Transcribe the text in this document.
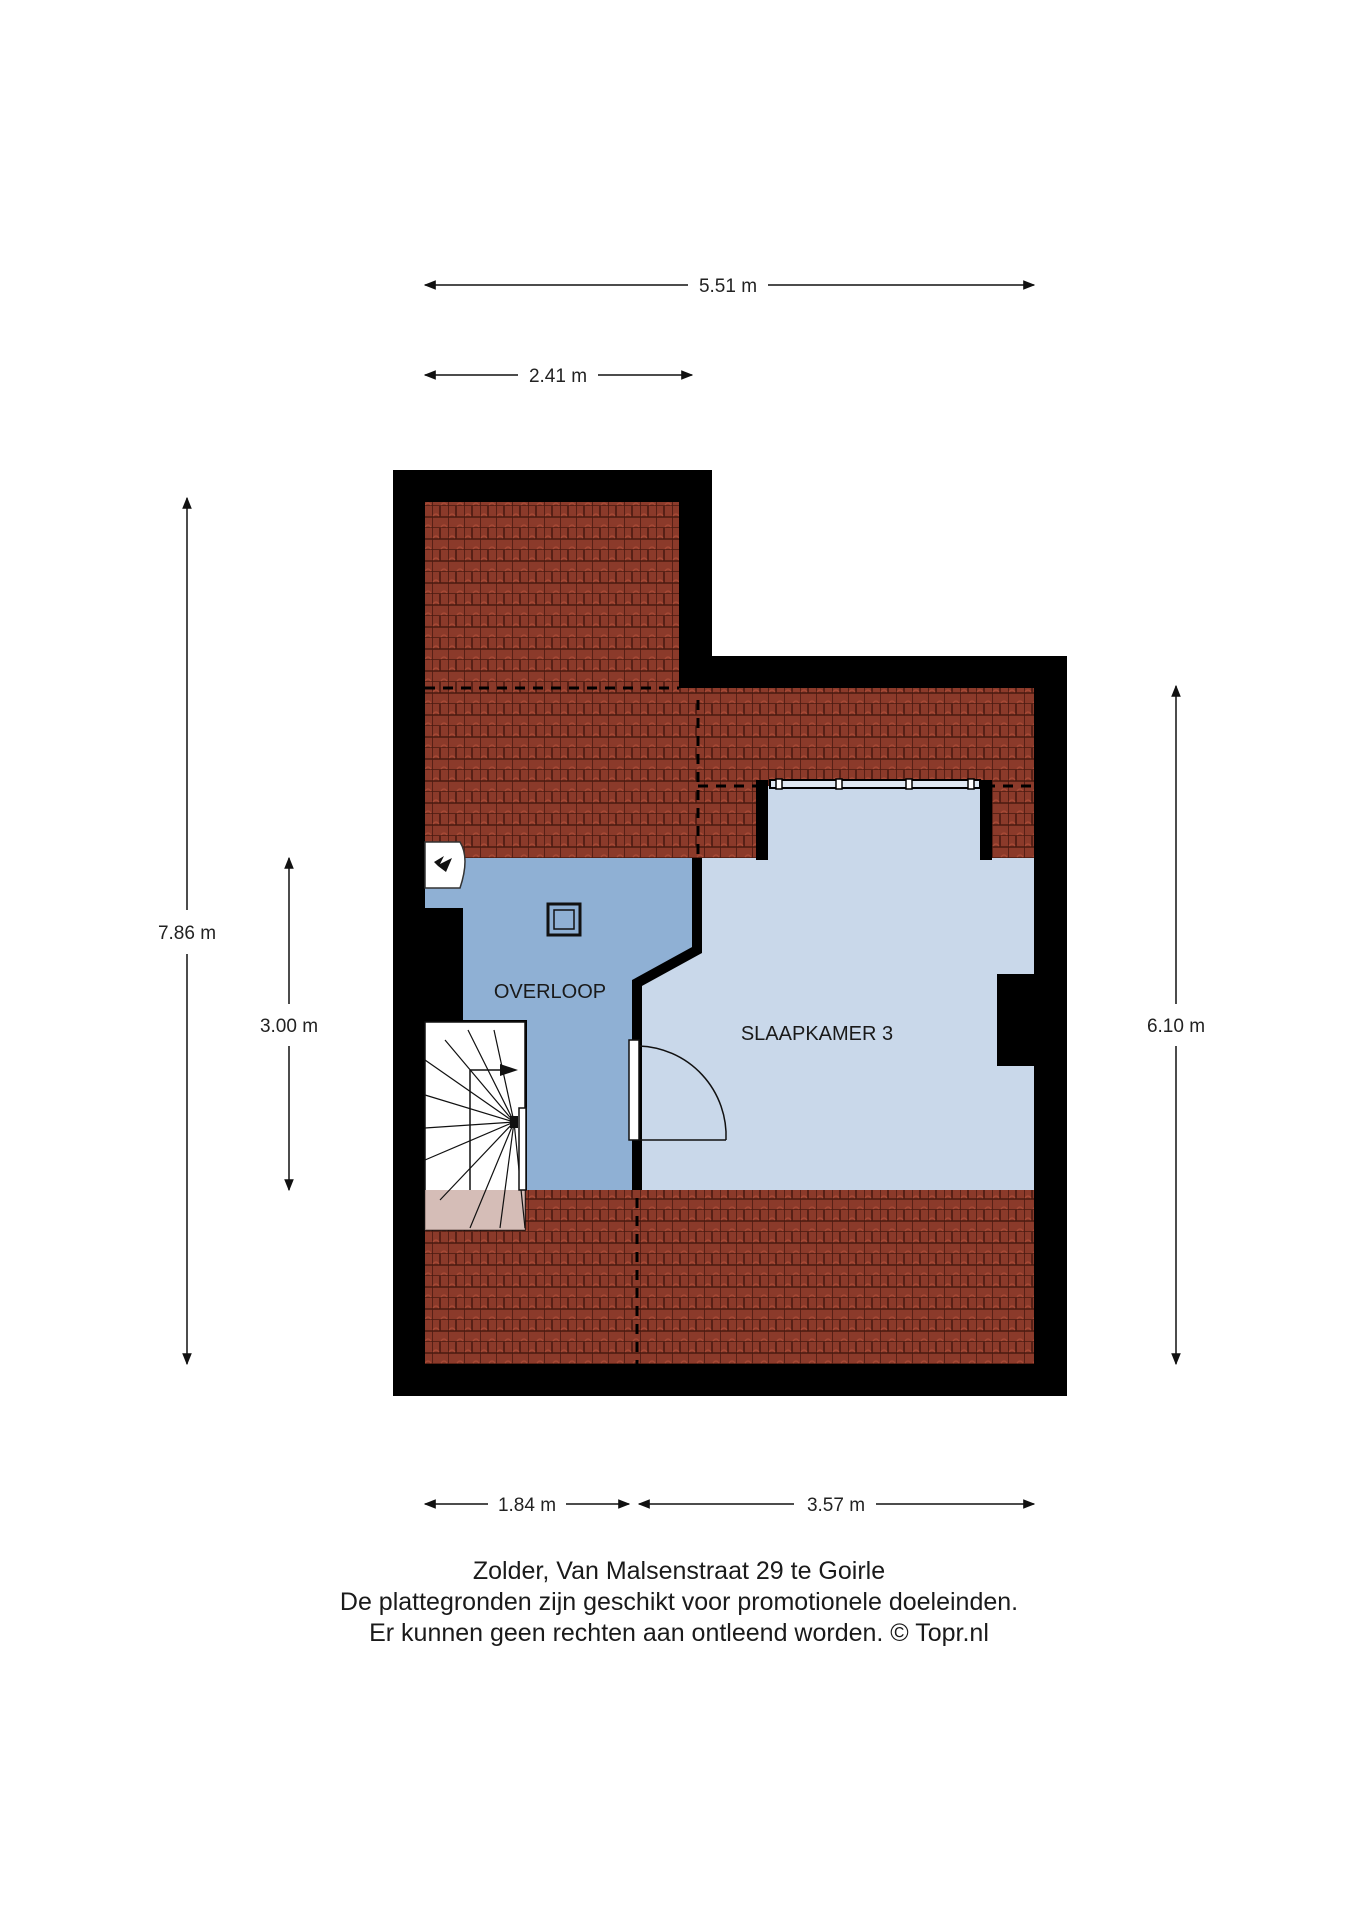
OVERLOOP
SLAAPKAMER 3
5.51 m
2.41 m
7.86 m
3.00 m	6.10 m
1.84 m	3.57 m
Zolder, Van Malsenstraat 29 te Goirle
De plattegronden zijn geschikt voor promotionele doeleinden.
Er kunnen geen rechten aan ontleend worden. © Topr.nl
